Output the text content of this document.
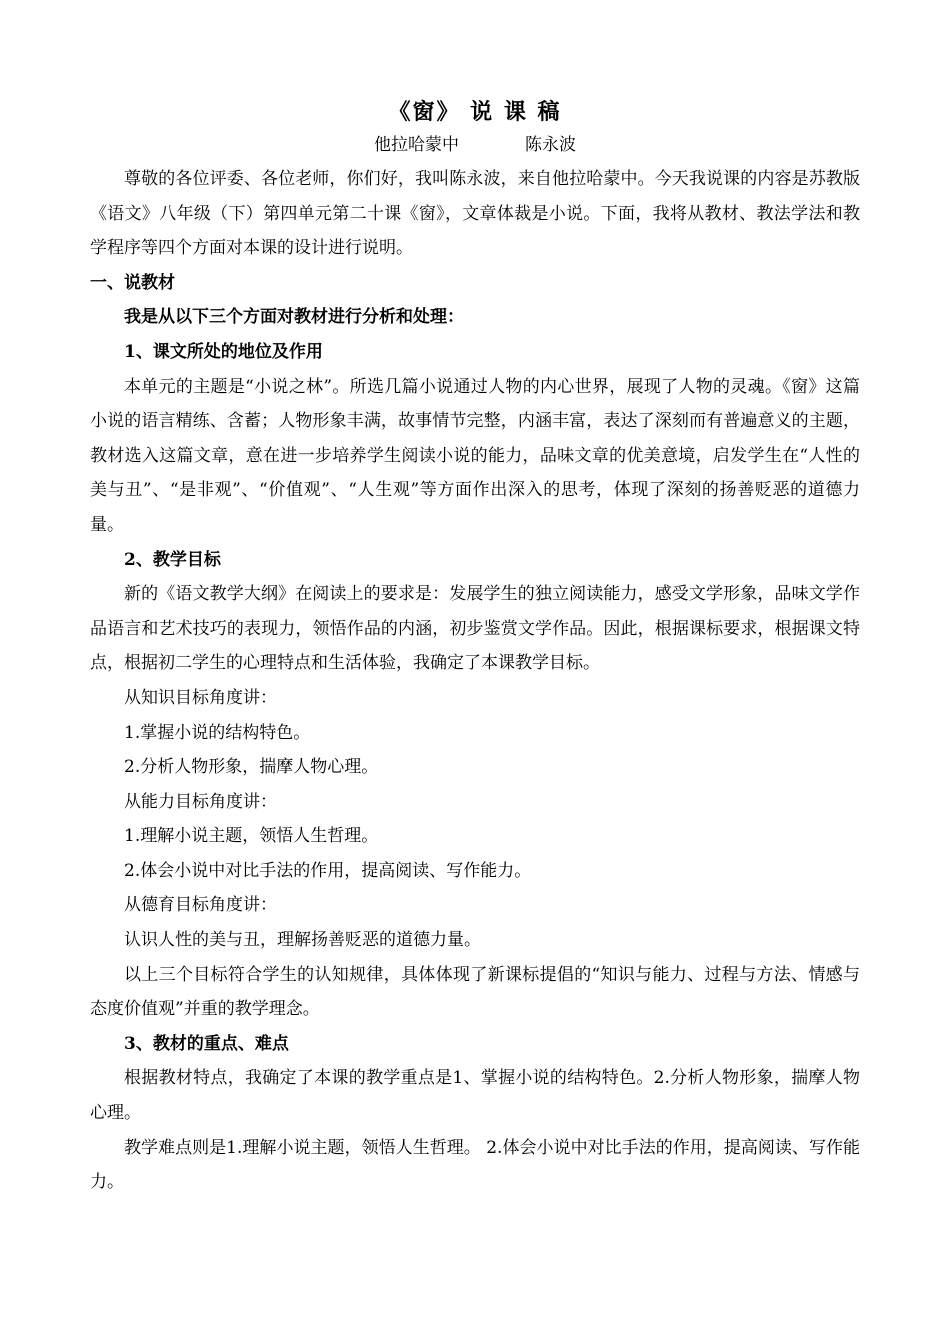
《窗》 说 课 稿

他拉哈蒙中	陈永波

尊敬的各位评委、各位老师，你们好，我叫陈永波，来自他拉哈蒙中。今天我说课的内容是苏教版《语文》八年级（下）第四单元第二十课《窗》，文章体裁是小说。下面，我将从教材、教法学法和教学程序等四个方面对本课的设计进行说明。

一、说教材

我是从以下三个方面对教材进行分析和处理：

1、课文所处的地位及作用

本单元的主题是“小说之林”。所选几篇小说通过人物的内心世界，展现了人物的灵魂。《窗》这篇小说的语言精练、含蓄；人物形象丰满，故事情节完整，内涵丰富，表达了深刻而有普遍意义的主题，教材选入这篇文章，意在进一步培养学生阅读小说的能力，品味文章的优美意境，启发学生在“人性的美与丑”、“是非观”、“价值观”、“人生观”等方面作出深入的思考，体现了深刻的扬善贬恶的道德力量。

2、教学目标

新的《语文教学大纲》在阅读上的要求是：发展学生的独立阅读能力，感受文学形象，品味文学作品语言和艺术技巧的表现力，领悟作品的内涵，初步鉴赏文学作品。因此，根据课标要求，根据课文特点，根据初二学生的心理特点和生活体验，我确定了本课教学目标。

从知识目标角度讲：

1.掌握小说的结构特色。

2.分析人物形象，揣摩人物心理。

从能力目标角度讲：

1.理解小说主题，领悟人生哲理。

2.体会小说中对比手法的作用，提高阅读、写作能力。

从德育目标角度讲：

认识人性的美与丑，理解扬善贬恶的道德力量。

以上三个目标符合学生的认知规律，具体体现了新课标提倡的“知识与能力、过程与方法、情感与态度价值观”并重的教学理念。

3、教材的重点、难点

根据教材特点，我确定了本课的教学重点是1、掌握小说的结构特色。2.分析人物形象，揣摩人物心理。

教学难点则是1.理解小说主题，领悟人生哲理。 2.体会小说中对比手法的作用，提高阅读、写作能力。
